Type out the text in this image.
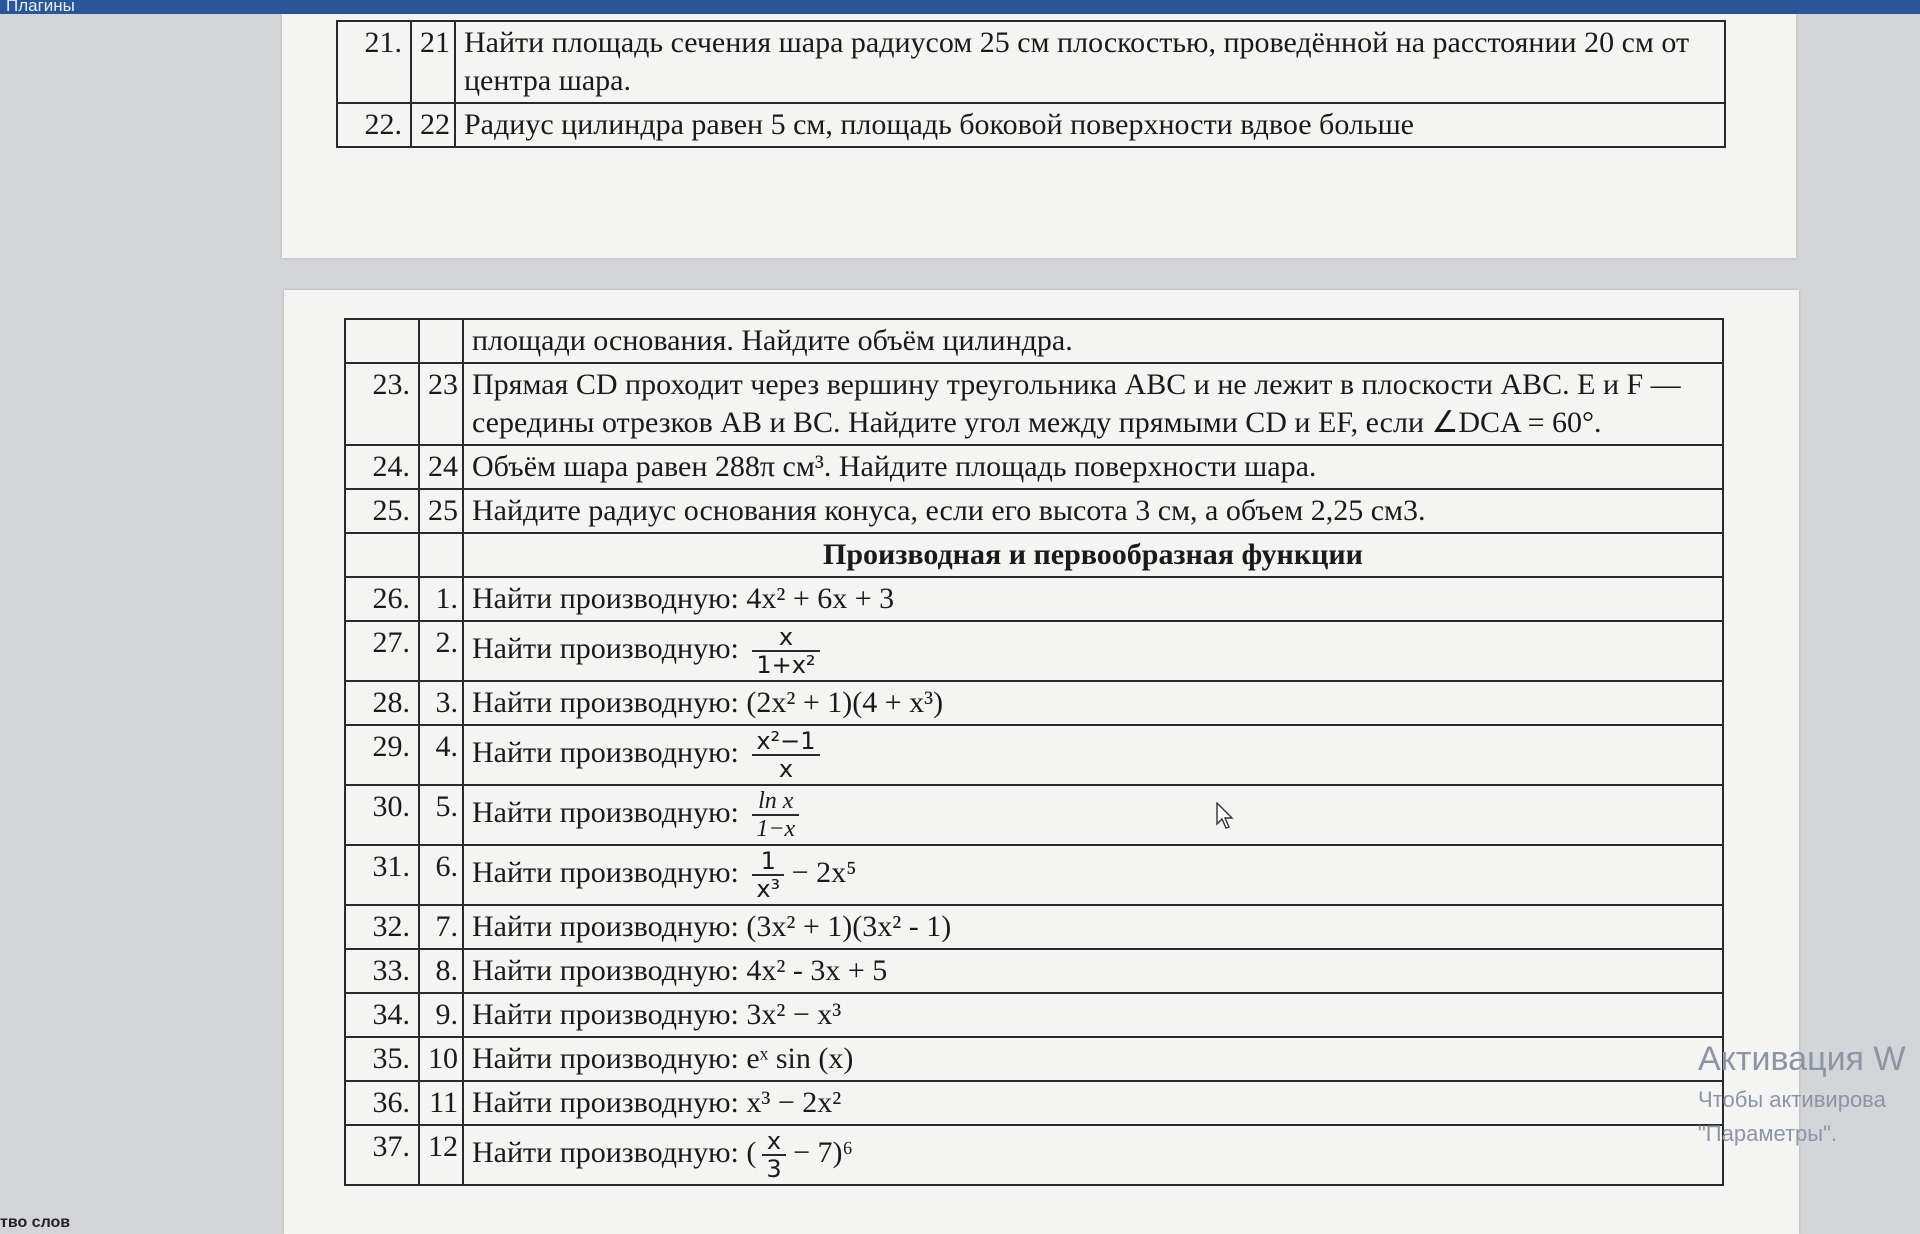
Плагины
21.	21	Найти площадь сечения шара радиусом 25 см плоскостью, проведённой на расстоянии 20 см от центра шара.
22.	22	Радиус цилиндра равен 5 см, площадь боковой поверхности вдвое больше
		площади основания. Найдите объём цилиндра.
23.	23	Прямая CD проходит через вершину треугольника ABC и не лежит в плоскости ABC. E и F — середины отрезков AB и BC. Найдите угол между прямыми CD и EF, если ∠DCA = 60°.
24.	24	Объём шара равен 288π см³. Найдите площадь поверхности шара.
25.	25	Найдите радиус основания конуса, если его высота 3 см, а объем 2,25 см3.
		Производная и первообразная функции
26.	1.	Найти производную: 4x² + 6x + 3
27.	2.	Найти производную: $\frac{x}{\text{1+x²}}$

28.	3.	Найти производную: (2x² + 1)(4 + x³)
29.	4.	Найти производную: $\frac{\text{x²−1}}{x}$

30.	5.	Найти производную: $\frac{\text{ln x}}{1-x}$

31.	6.	Найти производную: $\frac{1}{\text{x³}} - 2x^5$
32.	7.	Найти производную: (3x² + 1)(3x² - 1)
33.	8.	Найти производную: 4x² - 3x + 5
34.	9.	Найти производную: 3x² − x³
35.	10	Найти производную: eˣ sin (x)
36.	11	Найти производную: x³ − 2x²
37.	12	Найти производную: ( $\frac{x}{3} - 7)^6$
Активация W
Чтобы активирова
"Параметры".
тво слов
